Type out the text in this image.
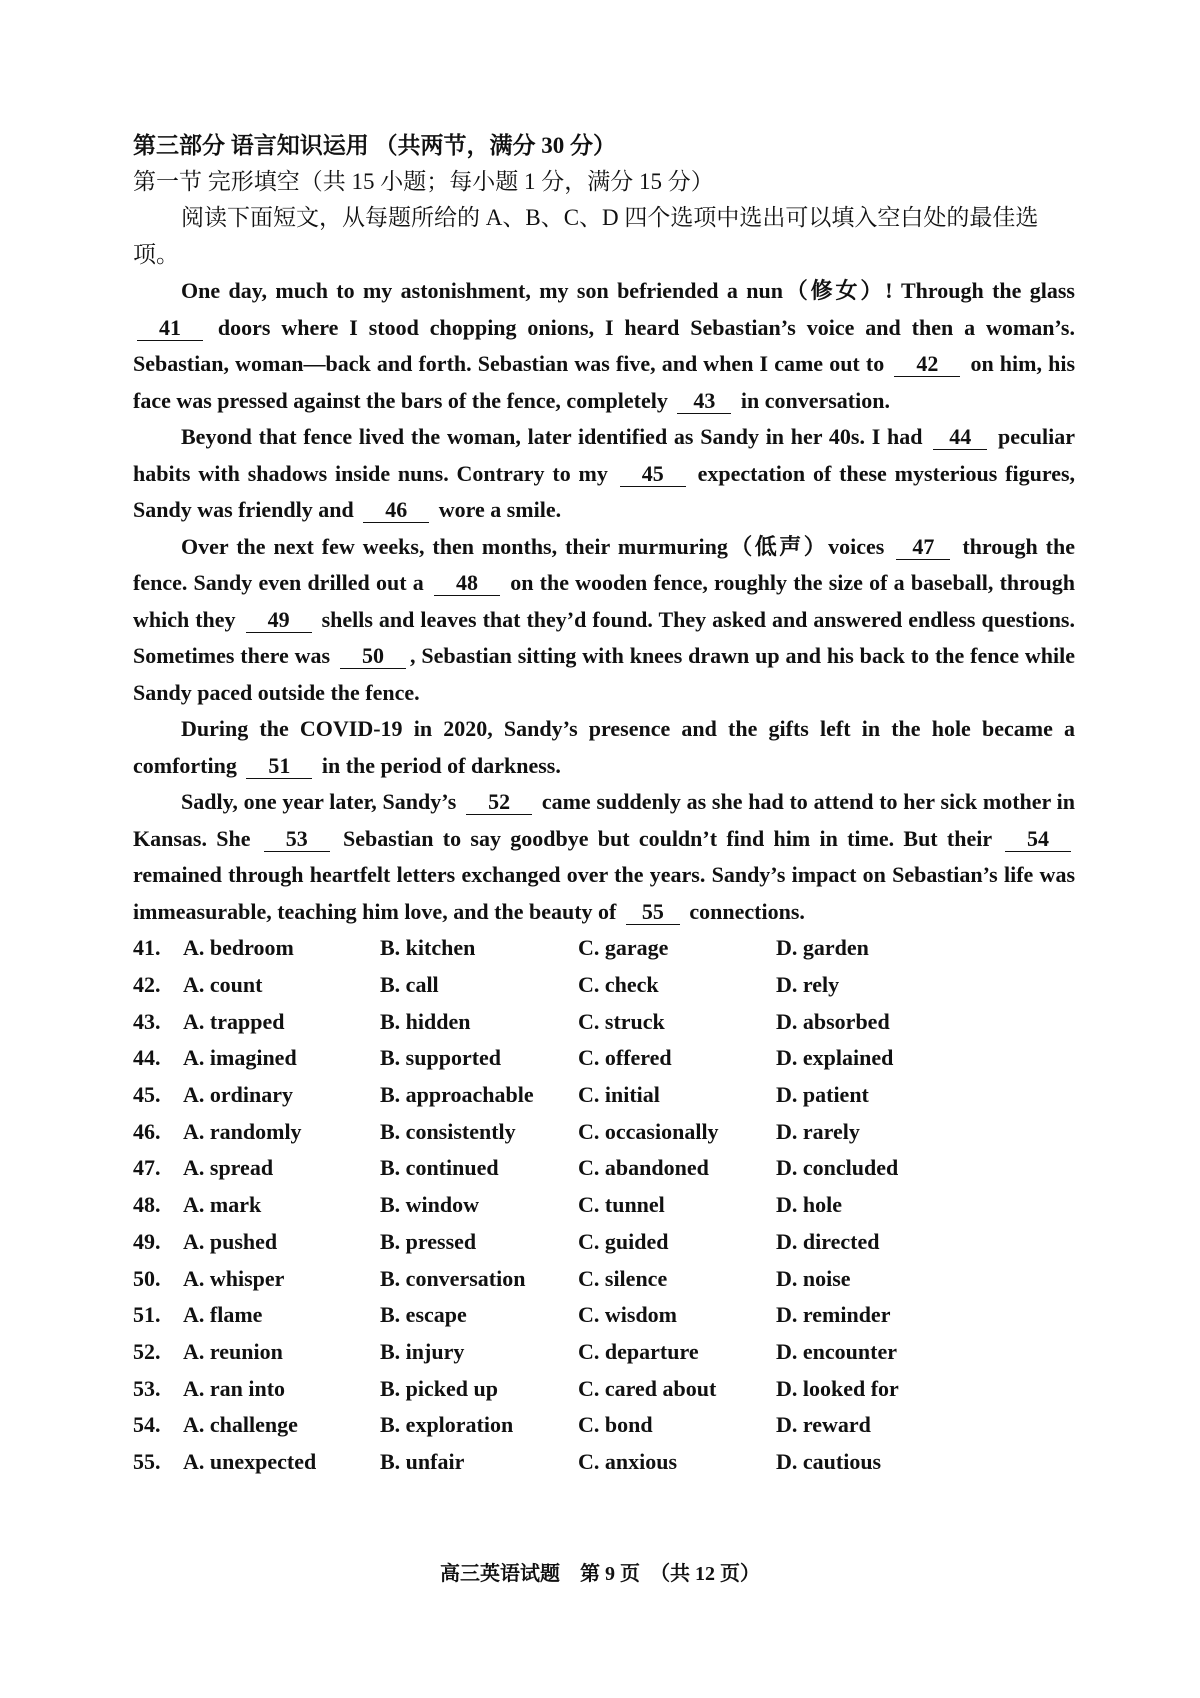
第三部分 语言知识运用 （共两节，满分 30 分）
第一节 完形填空（共 15 小题；每小题 1 分，满分 15 分）
阅读下面短文，从每题所给的 A、B、C、D 四个选项中选出可以填入空白处的最佳选项。

One day, much to my astonishment, my son befriended a nun（修女）! Through the glass 41 doors where I stood chopping onions, I heard Sebastian’s voice and then a woman’s. Sebastian, woman—back and forth. Sebastian was five, and when I came out to 42 on him, his face was pressed against the bars of the fence, completely 43 in conversation.

Beyond that fence lived the woman, later identified as Sandy in her 40s. I had 44 peculiar habits with shadows inside nuns. Contrary to my 45 expectation of these mysterious figures, Sandy was friendly and 46 wore a smile.

Over the next few weeks, then months, their murmuring（低声）voices 47 through the fence. Sandy even drilled out a 48 on the wooden fence, roughly the size of a baseball, through which they 49 shells and leaves that they’d found. They asked and answered endless questions. Sometimes there was 50 , Sebastian sitting with knees drawn up and his back to the fence while Sandy paced outside the fence.

During the COVID-19 in 2020, Sandy’s presence and the gifts left in the hole became a comforting 51 in the period of darkness.

Sadly, one year later, Sandy’s 52 came suddenly as she had to attend to her sick mother in Kansas. She 53 Sebastian to say goodbye but couldn’t find him in time. But their 54 remained through heartfelt letters exchanged over the years. Sandy’s impact on Sebastian’s life was immeasurable, teaching him love, and the beauty of 55 connections.

41.	A. bedroom	B. kitchen	C. garage	D. garden
42.	A. count	B. call	C. check	D. rely
43.	A. trapped	B. hidden	C. struck	D. absorbed
44.	A. imagined	B. supported	C. offered	D. explained
45.	A. ordinary	B. approachable	C. initial	D. patient
46.	A. randomly	B. consistently	C. occasionally	D. rarely
47.	A. spread	B. continued	C. abandoned	D. concluded
48.	A. mark	B. window	C. tunnel	D. hole
49.	A. pushed	B. pressed	C. guided	D. directed
50.	A. whisper	B. conversation	C. silence	D. noise
51.	A. flame	B. escape	C. wisdom	D. reminder
52.	A. reunion	B. injury	C. departure	D. encounter
53.	A. ran into	B. picked up	C. cared about	D. looked for
54.	A. challenge	B. exploration	C. bond	D. reward
55.	A. unexpected	B. unfair	C. anxious	D. cautious
高三英语试题　第 9 页　（共 12 页）
